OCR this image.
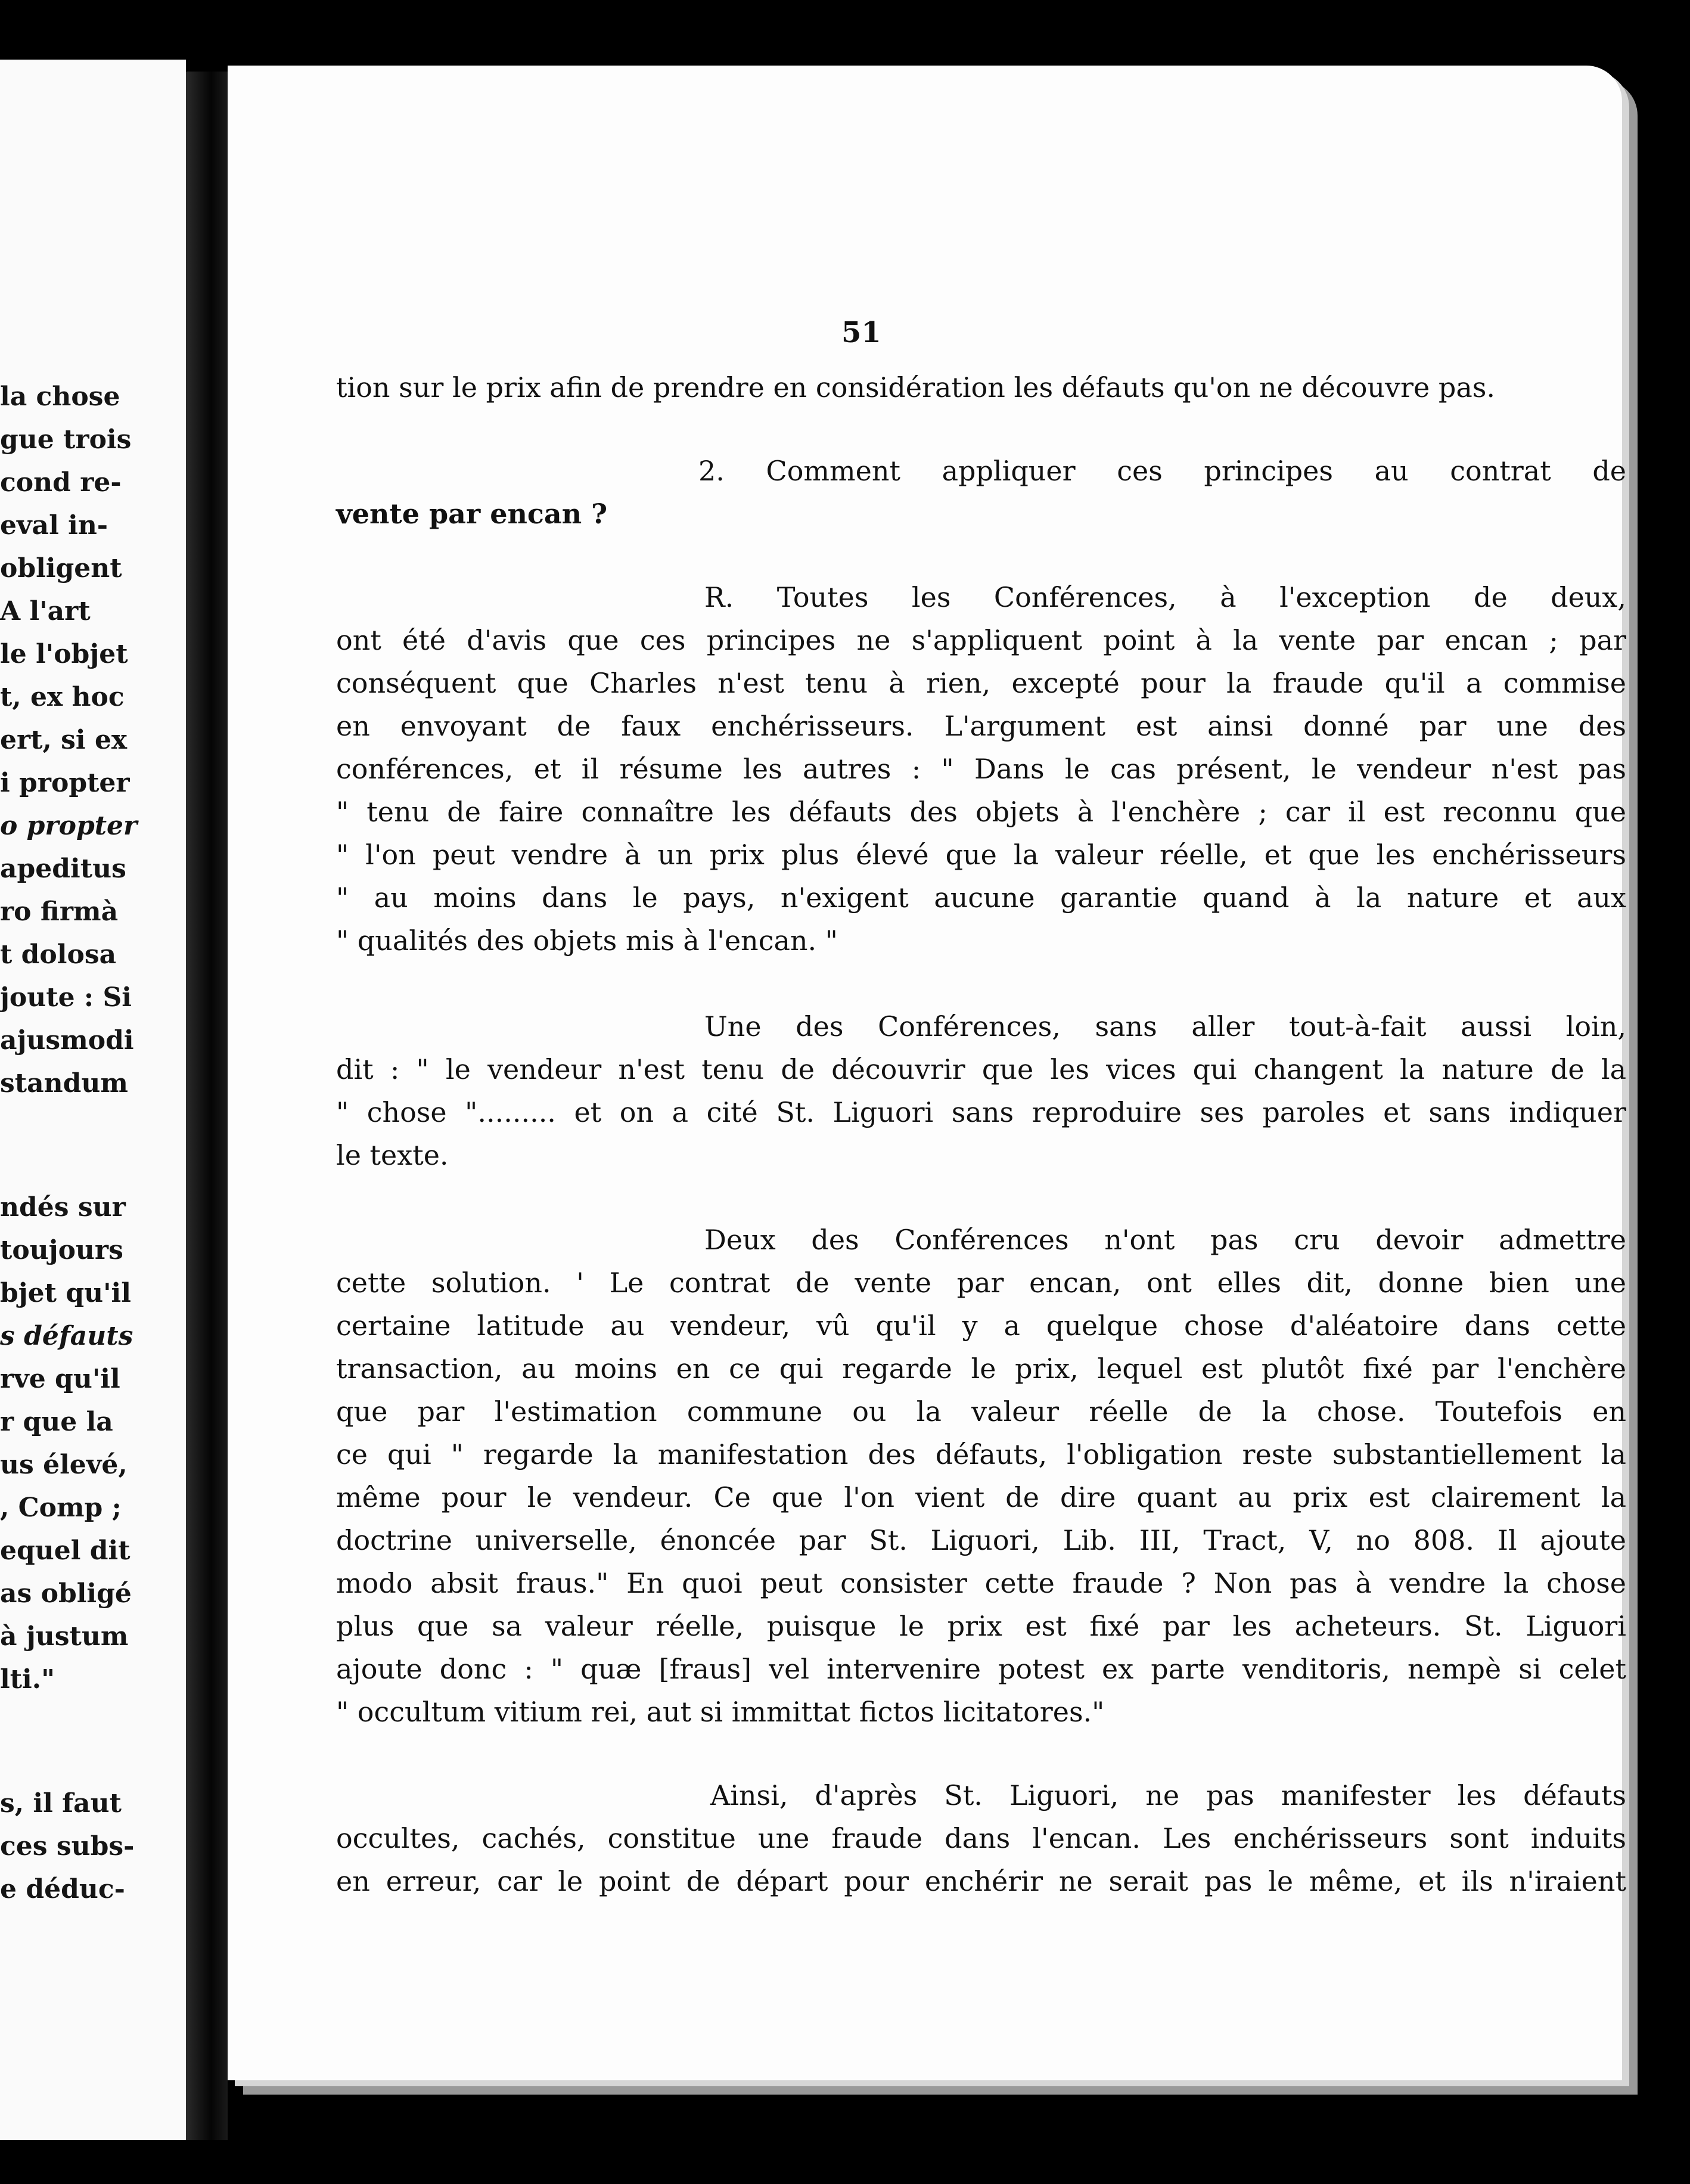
la chose
gue trois
cond re-
eval in-
obligent
A l'art
le l'objet
t, ex hoc
ert, si ex
i propter
o propter
apeditus
ro firmà
t dolosa
joute : Si
ajusmodi
standum
ndés sur
toujours
bjet qu'il
s défauts
rve qu'il
r que la
us élevé,
, Comp ;
equel dit
as obligé
à justum
lti."
s, il faut
ces subs-
e déduc-
51
tion sur le prix afin de prendre en considération les défauts qu'on ne découvre pas.
2. Comment appliquer ces principes au contrat de
vente par encan ?
R. Toutes les Conférences, à l'exception de deux,
ont été d'avis que ces principes ne s'appliquent point à la vente par encan ; par
conséquent que Charles n'est tenu à rien, excepté pour la fraude qu'il a commise
en envoyant de faux enchérisseurs. L'argument est ainsi donné par une des
conférences, et il résume les autres : " Dans le cas présent, le vendeur n'est pas
" tenu de faire connaître les défauts des objets à l'enchère ; car il est reconnu que
" l'on peut vendre à un prix plus élevé que la valeur réelle, et que les enchérisseurs
" au moins dans le pays, n'exigent aucune garantie quand à la nature et aux
" qualités des objets mis à l'encan. "
Une des Conférences, sans aller tout-à-fait aussi loin,
dit : " le vendeur n'est tenu de découvrir que les vices qui changent la nature de la
" chose "......... et on a cité St. Liguori sans reproduire ses paroles et sans indiquer
le texte.
Deux des Conférences n'ont pas cru devoir admettre
cette solution. ' Le contrat de vente par encan, ont elles dit, donne bien une
certaine latitude au vendeur, vû qu'il y a quelque chose d'aléatoire dans cette
transaction, au moins en ce qui regarde le prix, lequel est plutôt fixé par l'enchère
que par l'estimation commune ou la valeur réelle de la chose. Toutefois en
ce qui " regarde la manifestation des défauts, l'obligation reste substantiellement la
même pour le vendeur. Ce que l'on vient de dire quant au prix est clairement la
doctrine universelle, énoncée par St. Liguori, Lib. III, Tract, V, no 808. Il ajoute
modo absit fraus." En quoi peut consister cette fraude ? Non pas à vendre la chose
plus que sa valeur réelle, puisque le prix est fixé par les acheteurs. St. Liguori
ajoute donc : " quæ [fraus] vel intervenire potest ex parte venditoris, nempè si celet
" occultum vitium rei, aut si immittat fictos licitatores."
Ainsi, d'après St. Liguori, ne pas manifester les défauts
occultes, cachés, constitue une fraude dans l'encan. Les enchérisseurs sont induits
en erreur, car le point de départ pour enchérir ne serait pas le même, et ils n'iraient
